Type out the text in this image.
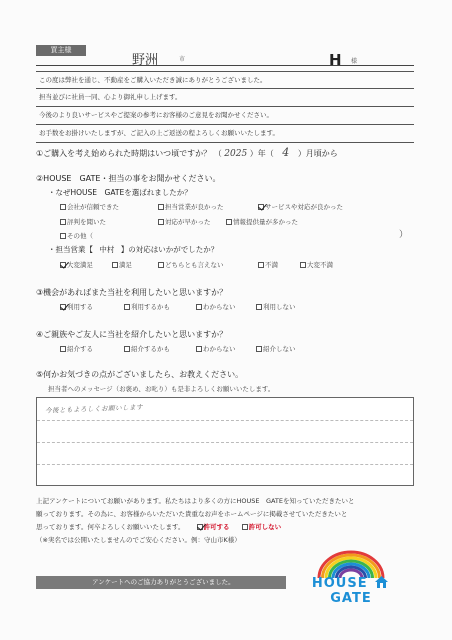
買主様
野洲	市	H 様
この度は弊社を通じ、不動産をご購入いただき誠にありがとうございました。
担当並びに社員一同、心より御礼申し上げます。
今後のより良いサービスやご提案の参考にお客様のご意見をお聞かせください。
お手数をお掛けいたしますが、ご記入の上ご返送の程よろしくお願いいたします。
①ご購入を考え始められた時期はいつ頃ですか？ （ 2025 ）年（ 4 ）月頃から
②HOUSE　GATE・担当の事をお聞かせください。
・なぜHOUSE　GATEを選ばれましたか？
会社が信頼できた	担当営業が良かった	サービスや対応が良かった
評判を聞いた	対応が早かった	情報提供量が多かった
その他（	）
・担当営業【 中村 】の対応はいかがでしたか？
大変満足	満足	どちらとも言えない	不満	大変不満
③機会があればまた当社を利用したいと思いますか？
利用する	利用するかも	わからない	利用しない
④ご親族やご友人に当社を紹介したいと思いますか？
紹介する	紹介するかも	わからない	紹介しない
⑤何かお気づきの点がございましたら、お教えください。
担当者へのメッセージ（お褒め、お叱り）も是非よろしくお願いいたします。
今後ともよろしくお願いします
上記アンケートについてお願いがあります。私たちはより多くの方にHOUSE　GATEを知っていただきたいと
願っております。その為に、お客様からいただいた貴重なお声をホームページに掲載させていただきたいと
思っております。何卒よろしくお願いいたします。	許可する	許可しない
（※実名では公開いたしませんのでご安心ください。例：守山市K様）
アンケートへのご協力ありがとうございました。	HOUSE  GATE
